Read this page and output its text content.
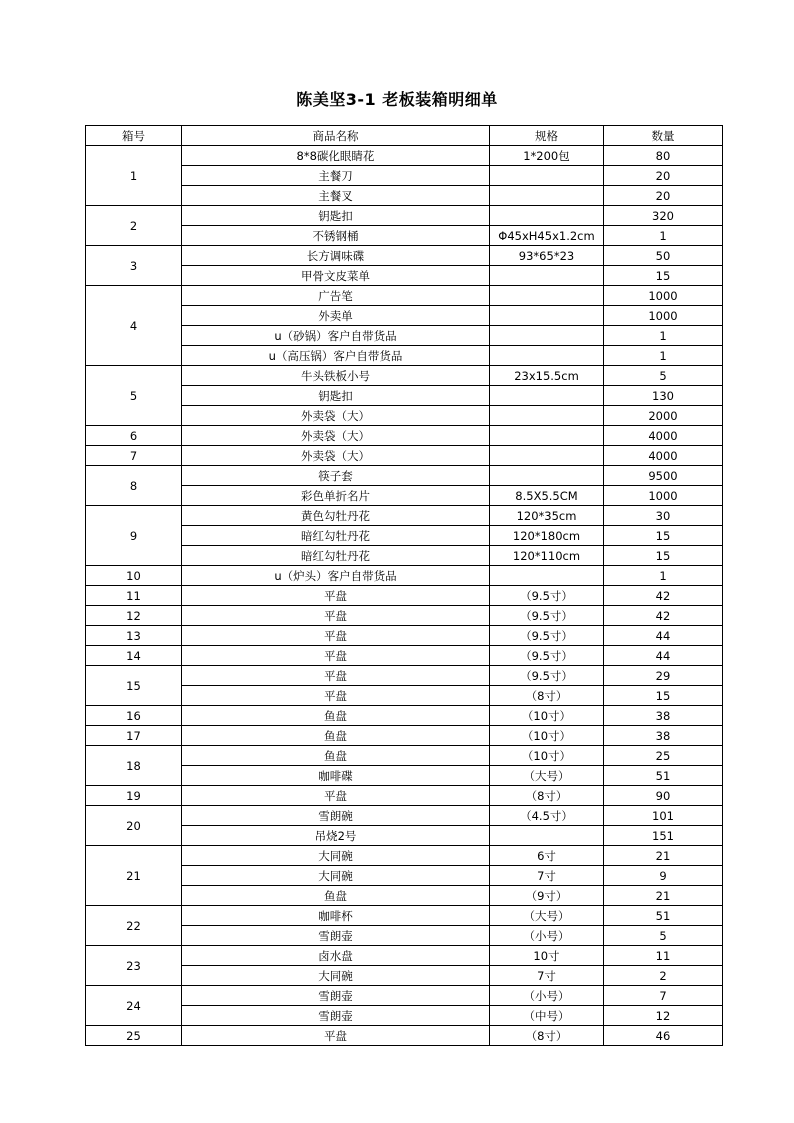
陈美坚3-1 老板装箱明细单
箱号	商品名称	规格	数量
1	8*8碳化眼睛花	1*200包	80
	主餐刀		20
	主餐叉		20
2	钥匙扣		320
	不锈钢桶	Φ45xH45x1.2cm	1
3	长方调味碟	93*65*23	50
	甲骨文皮菜单		15
4	广告笔		1000
	外卖单		1000
	u（砂锅）客户自带货品		1
	u（高压锅）客户自带货品		1
5	牛头铁板小号	23x15.5cm	5
	钥匙扣		130
	外卖袋（大）		2000
6	外卖袋（大）		4000
7	外卖袋（大）		4000
8	筷子套		9500
	彩色单折名片	8.5X5.5CM	1000
9	黄色勾牡丹花	120*35cm	30
	暗红勾牡丹花	120*180cm	15
	暗红勾牡丹花	120*110cm	15
10	u（炉头）客户自带货品		1
11	平盘	（9.5寸）	42
12	平盘	（9.5寸）	42
13	平盘	（9.5寸）	44
14	平盘	（9.5寸）	44
15	平盘	（9.5寸）	29
	平盘	（8寸）	15
16	鱼盘	（10寸）	38
17	鱼盘	（10寸）	38
18	鱼盘	（10寸）	25
	咖啡碟	（大号）	51
19	平盘	（8寸）	90
20	雪朗碗	（4.5寸）	101
	吊烧2号		151
21	大同碗	6寸	21
	大同碗	7寸	9
	鱼盘	（9寸）	21
22	咖啡杯	（大号）	51
	雪朗壶	（小号）	5
23	卤水盘	10寸	11
	大同碗	7寸	2
24	雪朗壶	（小号）	7
	雪朗壶	（中号）	12
25	平盘	（8寸）	46
